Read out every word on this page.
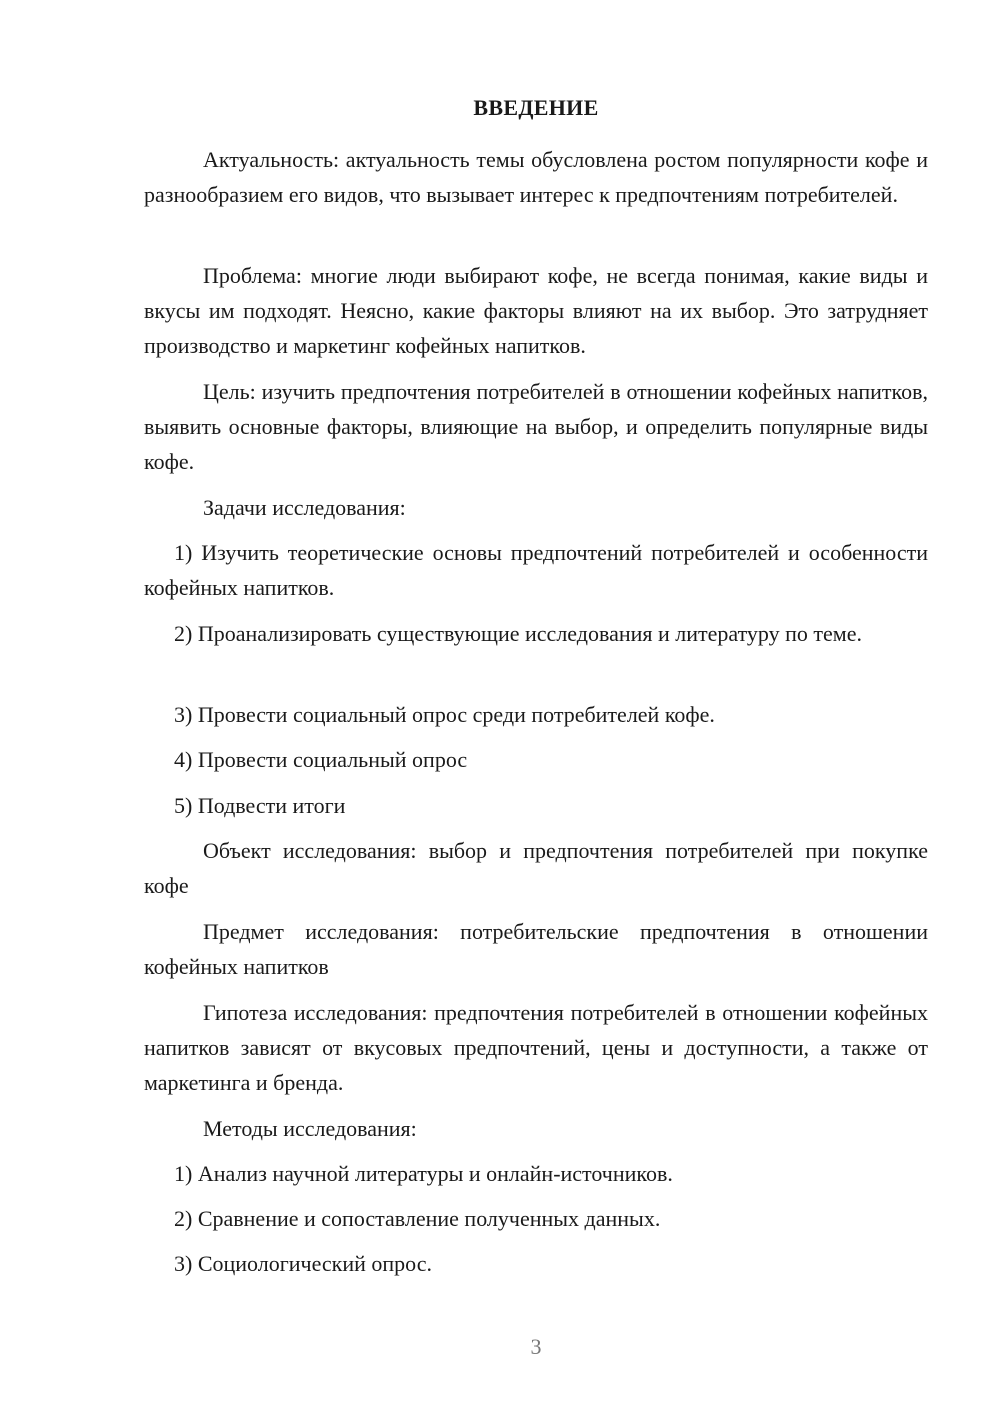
ВВЕДЕНИЕ

Актуальность: актуальность темы обусловлена ростом популярности кофе и разнообразием его видов, что вызывает интерес к предпочтениям потребителей.

Проблема: многие люди выбирают кофе, не всегда понимая, какие виды и вкусы им подходят. Неясно, какие факторы влияют на их выбор. Это затрудняет производство и маркетинг кофейных напитков.

Цель: изучить предпочтения потребителей в отношении кофейных напитков, выявить основные факторы, влияющие на выбор, и определить популярные виды кофе.

Задачи исследования:

1) Изучить теоретические основы предпочтений потребителей и особенности кофейных напитков.

2) Проанализировать существующие исследования и литературу по теме.

3) Провести социальный опрос среди потребителей кофе.

4) Провести социальный опрос

5) Подвести итоги

Объект исследования: выбор и предпочтения потребителей при покупке кофе

Предмет исследования: потребительские предпочтения в отношении кофейных напитков

Гипотеза исследования: предпочтения потребителей в отношении кофейных напитков зависят от вкусовых предпочтений, цены и доступности, а также от маркетинга и бренда.

Методы исследования:

1) Анализ научной литературы и онлайн-источников.

2) Сравнение и сопоставление полученных данных.

3) Социологический опрос.

3
